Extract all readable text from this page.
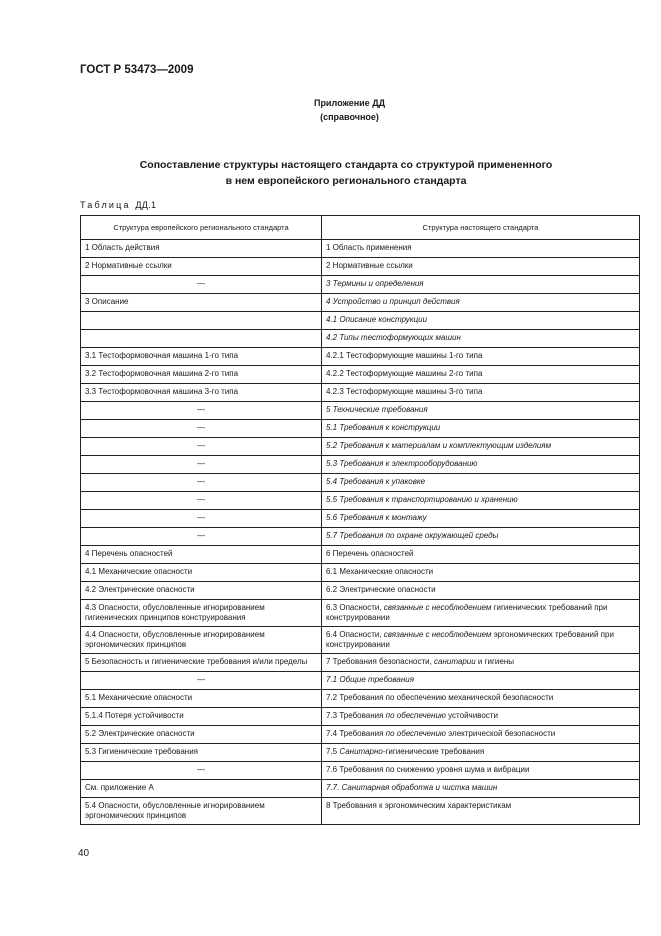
ГОСТ Р 53473—2009
Приложение ДД
(справочное)
Сопоставление структуры настоящего стандарта со структурой примененного
в нем европейского регионального стандарта
Таблица ДД.1
Структура европейского регионального стандарта	Структура настоящего стандарта
1 Область действия	1 Область применения
2 Нормативные ссылки	2 Нормативные ссылки
—	3 Термины и определения
3 Описание	4 Устройство и принцип действия
	4.1 Описание конструкции
	4.2 Типы тестоформующих машин
3.1 Тестоформовочная машина 1-го типа	4.2.1 Тестоформующие машины 1-го типа
3.2 Тестоформовочная машина 2-го типа	4.2.2 Тестоформующие машины 2-го типа
3.3 Тестоформовочная машина 3-го типа	4.2.3 Тестоформующие машины 3-го типа
—	5 Технические требования
—	5.1 Требования к конструкции
—	5.2 Требования к материалам и комплектующим изделиям
—	5.3 Требования к электрооборудованию
—	5.4 Требования к упаковке
—	5.5 Требования к транспортированию и хранению
—	5.6 Требования к монтажу
—	5.7 Требования по охране окружающей среды
4 Перечень опасностей	6 Перечень опасностей
4.1 Механические опасности	6.1 Механические опасности
4.2 Электрические опасности	6.2 Электрические опасности
4.3 Опасности, обусловленные игнорированием гигиенических принципов конструирования	6.3 Опасности, связанные с несоблюдением гигиенических требований при конструировании
4.4 Опасности, обусловленные игнорированием эргономических принципов	6.4 Опасности, связанные с несоблюдением эргономических требований при конструировании
5 Безопасность и гигиенические требования и/или пределы	7 Требования безопасности, санитарии и гигиены
—	7.1 Общие требования
5.1 Механические опасности	7.2 Требования по обеспечению механической безопасности
5.1.4 Потеря устойчивости	7.3 Требования по обеспечению устойчивости
5.2 Электрические опасности	7.4 Требования по обеспечению электрической безопасности
5.3 Гигиенические требования	7.5 Санитарно-гигиенические требования
—	7.6 Требования по снижению уровня шума и вибрации
См. приложение А	7.7. Санитарная обработка и чистка машин
5.4 Опасности, обусловленные игнорированием эргономических принципов	8 Требования к эргономическим характеристикам
40
